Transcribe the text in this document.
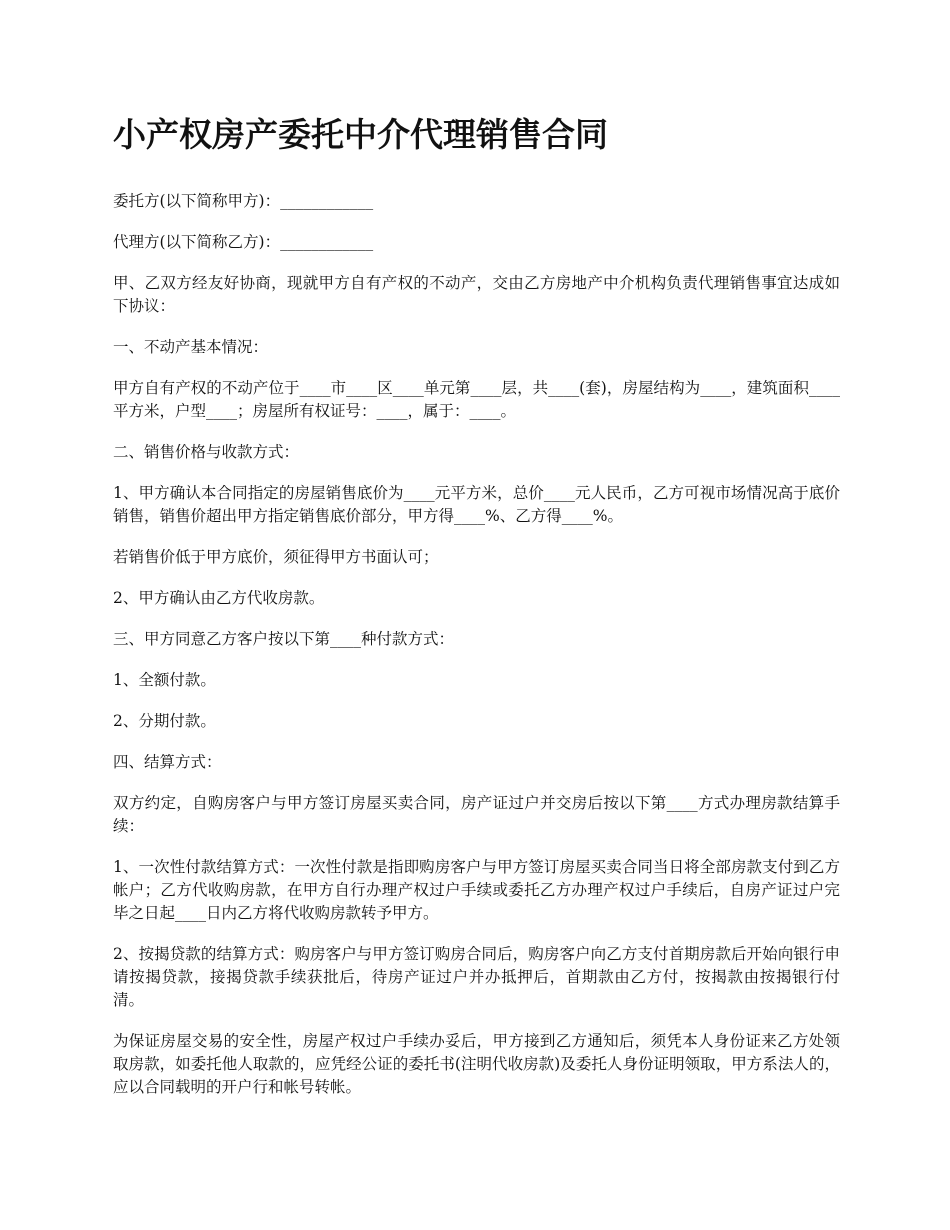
小产权房产委托中介代理销售合同

委托方(以下简称甲方)：____________

代理方(以下简称乙方)：____________

甲、乙双方经友好协商，现就甲方自有产权的不动产，交由乙方房地产中介机构负责代理销售事宜达成如下协议：

一、不动产基本情况：

甲方自有产权的不动产位于____市____区____单元第____层，共____(套)，房屋结构为____，建筑面积____平方米，户型____；房屋所有权证号：____，属于：____。

二、销售价格与收款方式：

1、甲方确认本合同指定的房屋销售底价为____元平方米，总价____元人民币，乙方可视市场情况高于底价销售，销售价超出甲方指定销售底价部分，甲方得____%、乙方得____%。

若销售价低于甲方底价，须征得甲方书面认可；

2、甲方确认由乙方代收房款。

三、甲方同意乙方客户按以下第____种付款方式：

1、全额付款。

2、分期付款。

四、结算方式：

双方约定，自购房客户与甲方签订房屋买卖合同，房产证过户并交房后按以下第____方式办理房款结算手续：

1、一次性付款结算方式：一次性付款是指即购房客户与甲方签订房屋买卖合同当日将全部房款支付到乙方帐户；乙方代收购房款，在甲方自行办理产权过户手续或委托乙方办理产权过户手续后，自房产证过户完毕之日起____日内乙方将代收购房款转予甲方。

2、按揭贷款的结算方式：购房客户与甲方签订购房合同后，购房客户向乙方支付首期房款后开始向银行申请按揭贷款，接揭贷款手续获批后，待房产证过户并办抵押后，首期款由乙方付，按揭款由按揭银行付清。

为保证房屋交易的安全性，房屋产权过户手续办妥后，甲方接到乙方通知后，须凭本人身份证来乙方处领取房款，如委托他人取款的，应凭经公证的委托书(注明代收房款)及委托人身份证明领取，甲方系法人的，应以合同载明的开户行和帐号转帐。
